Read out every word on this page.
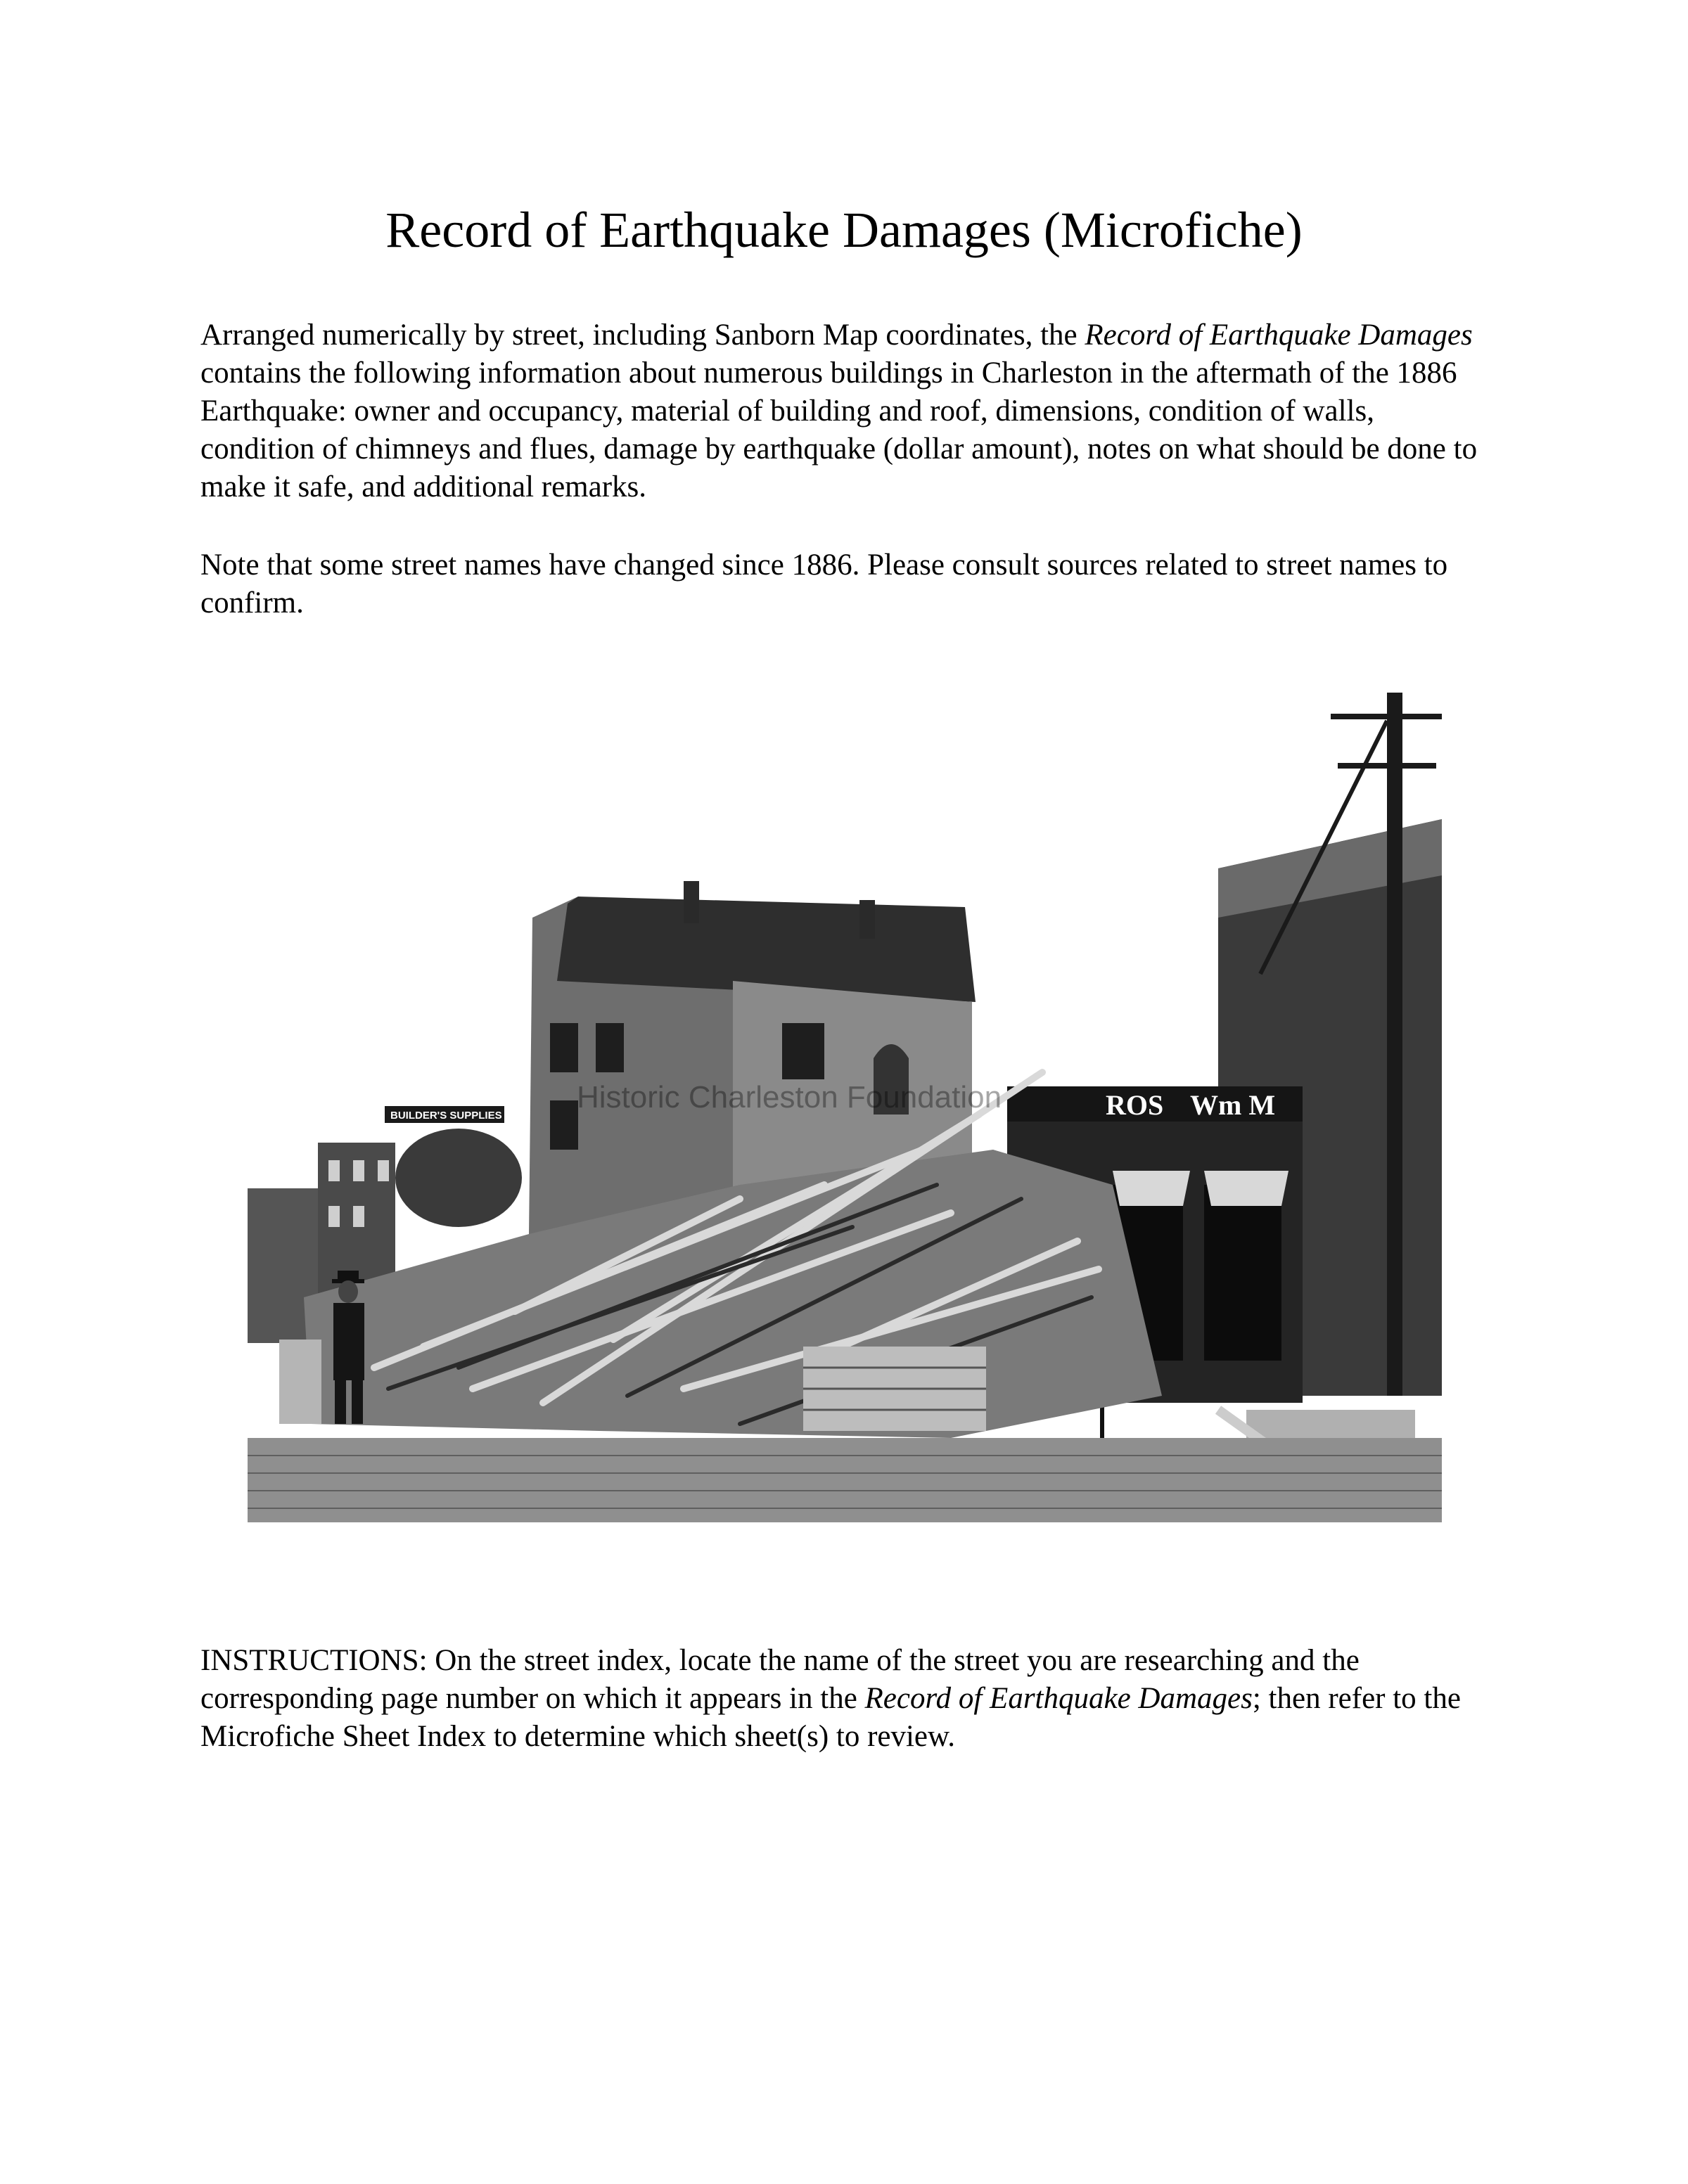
Record of Earthquake Damages (Microfiche)

Arranged numerically by street, including Sanborn Map coordinates, the Record of Earthquake Damages contains the following information about numerous buildings in Charleston in the aftermath of the 1886 Earthquake: owner and occupancy, material of building and roof, dimensions, condition of walls, condition of chimneys and flues, damage by earthquake (dollar amount), notes on what should be done to make it safe, and additional remarks.

Note that some street names have changed since 1886. Please consult sources related to street names to confirm.

ROS Wm M
BUILDER'S SUPPLIES
Historic Charleston Foundation

INSTRUCTIONS: On the street index, locate the name of the street you are researching and the corresponding page number on which it appears in the Record of Earthquake Damages; then refer to the Microfiche Sheet Index to determine which sheet(s) to review.
